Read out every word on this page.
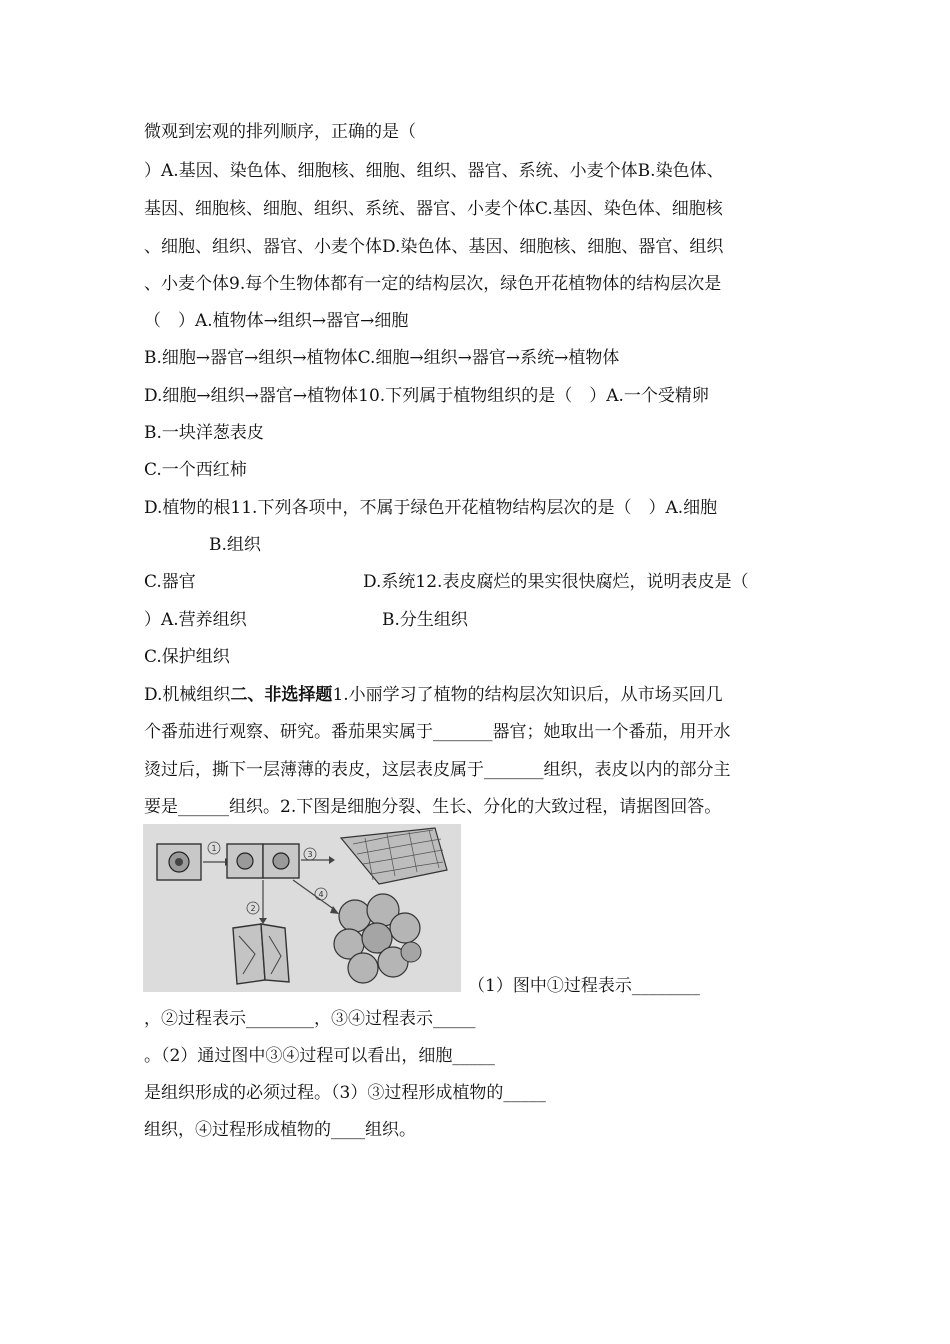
微观到宏观的排列顺序，正确的是（
）A.基因、染色体、细胞核、细胞、组织、器官、系统、小麦个体B.染色体、
基因、细胞核、细胞、组织、系统、器官、小麦个体C.基因、染色体、细胞核
、细胞、组织、器官、小麦个体D.染色体、基因、细胞核、细胞、器官、组织
、小麦个体9.每个生物体都有一定的结构层次，绿色开花植物体的结构层次是
（　）A.植物体→组织→器官→细胞
B.细胞→器官→组织→植物体C.细胞→组织→器官→系统→植物体
D.细胞→组织→器官→植物体10.下列属于植物组织的是（　）A.一个受精卵
B.一块洋葱表皮
C.一个西红柿
D.植物的根11.下列各项中，不属于绿色开花植物结构层次的是（　）A.细胞
B.组织
C.器官	D.系统12.表皮腐烂的果实很快腐烂，说明表皮是（
）A.营养组织	B.分生组织
C.保护组织
D.机械组织二、非选择题1.小丽学习了植物的结构层次知识后，从市场买回几
个番茄进行观察、研究。番茄果实属于_______器官；她取出一个番茄，用开水
烫过后，撕下一层薄薄的表皮，这层表皮属于_______组织，表皮以内的部分主
要是______组织。2.下图是细胞分裂、生长、分化的大致过程，请据图回答。
1
3
4
2
（1）图中①过程表示________
，②过程表示________，③④过程表示_____
。（2）通过图中③④过程可以看出，细胞_____
是组织形成的必须过程。（3）③过程形成植物的_____
组织，④过程形成植物的____组织。
